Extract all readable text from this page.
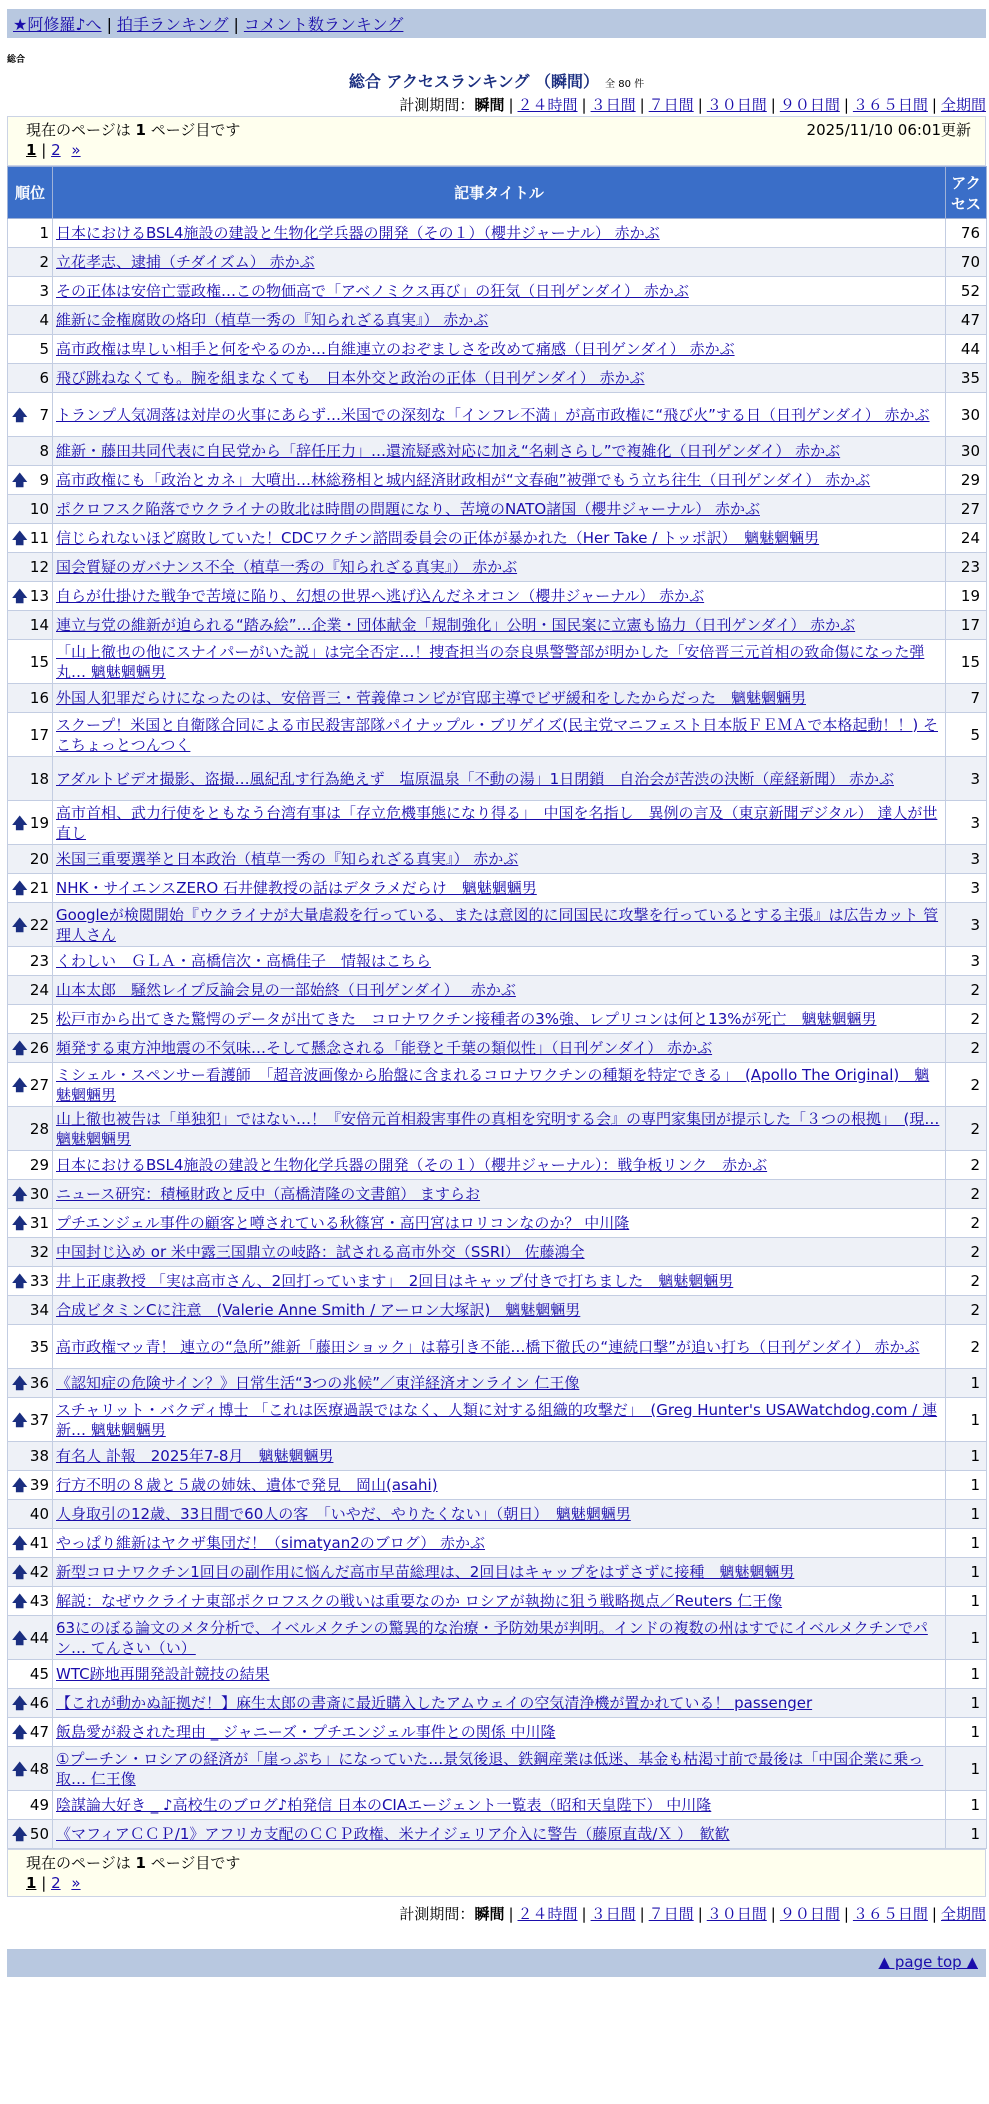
★阿修羅♪へ | 拍手ランキング | コメント数ランキング
総合
総合 アクセスランキング （瞬間） 全 80 件
計測期間：瞬間 | ２４時間 | ３日間 | ７日間 | ３０日間 | ９０日間 | ３６５日間 | 全期間
現在のページは 1 ページ目です	2025/11/10 06:01更新
1 | 2 »
順位	記事タイトル	アクセス
1	日本におけるBSL4施設の建設と生物化学兵器の開発（その１）（櫻井ジャーナル） 赤かぶ	76
2	立花孝志、逮捕（チダイズム） 赤かぶ	70
3	その正体は安倍亡霊政権…この物価高で「アベノミクス再び」の狂気（日刊ゲンダイ） 赤かぶ	52
4	維新に金権腐敗の烙印（植草一秀の『知られざる真実』） 赤かぶ	47
5	高市政権は卑しい相手と何をやるのか…自維連立のおぞましさを改めて痛感（日刊ゲンダイ） 赤かぶ	44
6	飛び跳ねなくても。腕を組まなくても　日本外交と政治の正体（日刊ゲンダイ） 赤かぶ	35

🡅 7	トランプ人気凋落は対岸の火事にあらず…米国での深刻な「インフレ不満」が高市政権に“飛び火”する日（日刊ゲンダイ） 赤かぶ	30
8	維新・藤田共同代表に自民党から「辞任圧力」…還流疑惑対応に加え“名刺さらし”で複雑化（日刊ゲンダイ） 赤かぶ	30

🡅 9	高市政権にも「政治とカネ」大噴出…林総務相と城内経済財政相が“文春砲”被弾でもう立ち往生（日刊ゲンダイ） 赤かぶ	29
10	ポクロフスク陥落でウクライナの敗北は時間の問題になり、苦境のNATO諸国（櫻井ジャーナル） 赤かぶ	27

🡅 11	信じられないほど腐敗していた！CDCワクチン諮問委員会の正体が暴かれた（Her Take / トッポ訳）　魑魅魍魎男	24
12	国会質疑のガバナンス不全（植草一秀の『知られざる真実』） 赤かぶ	23

🡅 13	自らが仕掛けた戦争で苦境に陥り、幻想の世界へ逃げ込んだネオコン（櫻井ジャーナル） 赤かぶ	19
14	連立与党の維新が迫られる“踏み絵”…企業・団体献金「規制強化」公明・国民案に立憲も協力（日刊ゲンダイ） 赤かぶ	17
15	「山上徹也の他にスナイパーがいた説」は完全否定…！捜査担当の奈良県警警部が明かした「安倍晋三元首相の致命傷になった弾丸… 魑魅魍魎男	15
16	外国人犯罪だらけになったのは、安倍晋三・菅義偉コンビが官邸主導でビザ緩和をしたからだった　魑魅魍魎男	7
17	スクープ！米国と自衛隊合同による市民殺害部隊パイナップル・ブリゲイズ(民主党マニフェスト日本版ＦＥＭＡで本格起動！！) そこちょっとつんつく	5
18	アダルトビデオ撮影、盗撮…風紀乱す行為絶えず　塩原温泉「不動の湯」1日閉鎖　自治会が苦渋の決断（産経新聞） 赤かぶ	3

🡅 19	高市首相、武力行使をともなう台湾有事は「存立危機事態になり得る」　中国を名指し　異例の言及（東京新聞デジタル） 達人が世直し	3
20	米国三重要選挙と日本政治（植草一秀の『知られざる真実』） 赤かぶ	3

🡅 21	NHK・サイエンスZERO 石井健教授の話はデタラメだらけ　魑魅魍魎男	3

🡅 22	Googleが検閲開始『ウクライナが大量虐殺を行っている、または意図的に同国民に攻撃を行っているとする主張』は広告カット 管理人さん	3
23	くわしい　ＧＬＡ・高橋信次・高橋佳子　情報はこちら	3
24	山本太郎　騒然レイプ反論会見の一部始終（日刊ゲンダイ）　 赤かぶ	2
25	松戸市から出てきた驚愕のデータが出てきた　コロナワクチン接種者の3%強、レプリコンは何と13%が死亡　魑魅魍魎男	2

🡅 26	頻発する東方沖地震の不気味…そして懸念される「能登と千葉の類似性」（日刊ゲンダイ） 赤かぶ	2

🡅 27	ミシェル・スペンサー看護師　「超音波画像から胎盤に含まれるコロナワクチンの種類を特定できる」　(Apollo The Original)　魑魅魍魎男	2
28	山上徹也被告は「単独犯」ではない…！『安倍元首相殺害事件の真相を究明する会』の専門家集団が提示した「３つの根拠」　(現… 魑魅魍魎男	2
29	日本におけるBSL4施設の建設と生物化学兵器の開発（その１）（櫻井ジャーナル）：戦争板リンク　赤かぶ	2

🡅 30	ニュース研究：積極財政と反中（高橋清隆の文書館） ますらお	2

🡅 31	プチエンジェル事件の顧客と噂されている秋篠宮・高円宮はロリコンなのか？ 中川隆	2
32	中国封じ込め or 米中露三国鼎立の岐路：試される高市外交（SSRI） 佐藤鴻全	2

🡅 33	井上正康教授 「実は高市さん、2回打っています」　2回目はキャップ付きで打ちました　魑魅魍魎男	2
34	合成ビタミンCに注意　(Valerie Anne Smith / アーロン大塚訳)　魑魅魍魎男	2
35	高市政権マッ青！ 連立の“急所”維新「藤田ショック」は幕引き不能…橋下徹氏の“連続口撃”が追い打ち（日刊ゲンダイ） 赤かぶ	2

🡅 36	《認知症の危険サイン？》日常生活“3つの兆候”／東洋経済オンライン 仁王像	1

🡅 37	スチャリット・バクディ博士 「これは医療過誤ではなく、人類に対する組織的攻撃だ」　(Greg Hunter's USAWatchdog.com / 連新… 魑魅魍魎男	1
38	有名人 訃報　2025年7-8月　魑魅魍魎男	1

🡅 39	行方不明の８歳と５歳の姉妹、遺体で発見　岡山(asahi)	1
40	人身取引の12歳、33日間で60人の客　「いやだ、やりたくない」（朝日）　魑魅魍魎男	1

🡅 41	やっぱり維新はヤクザ集団だ！（simatyan2のブログ） 赤かぶ	1

🡅 42	新型コロナワクチン1回目の副作用に悩んだ高市早苗総理は、2回目はキャップをはずさずに接種　魑魅魍魎男	1

🡅 43	解説：なぜウクライナ東部ポクロフスクの戦いは重要なのか ロシアが執拗に狙う戦略拠点／Reuters 仁王像	1

🡅 44	63にのぼる論文のメタ分析で、イベルメクチンの驚異的な治療・予防効果が判明。インドの複数の州はすでにイベルメクチンでパン… てんさい（い）	1
45	WTC跡地再開発設計競技の結果	1

🡅 46	【これが動かぬ証拠だ！】麻生太郎の書斎に最近購入したアムウェイの空気清浄機が置かれている！ passenger	1

🡅 47	飯島愛が殺された理由 _ ジャニーズ・プチエンジェル事件との関係 中川隆	1

🡅 48	①プーチン・ロシアの経済が「崖っぷち」になっていた…景気後退、鉄鋼産業は低迷、基金も枯渇寸前で最後は「中国企業に乗っ取… 仁王像	1
49	陰謀論大好き _ ♪高校生のブログ♪柏発信 日本のCIAエージェント一覧表（昭和天皇陛下） 中川隆	1

🡅 50	《マフィアＣＣＰ/1》アフリカ支配のＣＣＰ政権、米ナイジェリア介入に警告（藤原直哉/Ｘ ）　歓歓	1
現在のページは 1 ページ目です
1 | 2 »
計測期間：瞬間 | ２４時間 | ３日間 | ７日間 | ３０日間 | ９０日間 | ３６５日間 | 全期間
▲ page top ▲
